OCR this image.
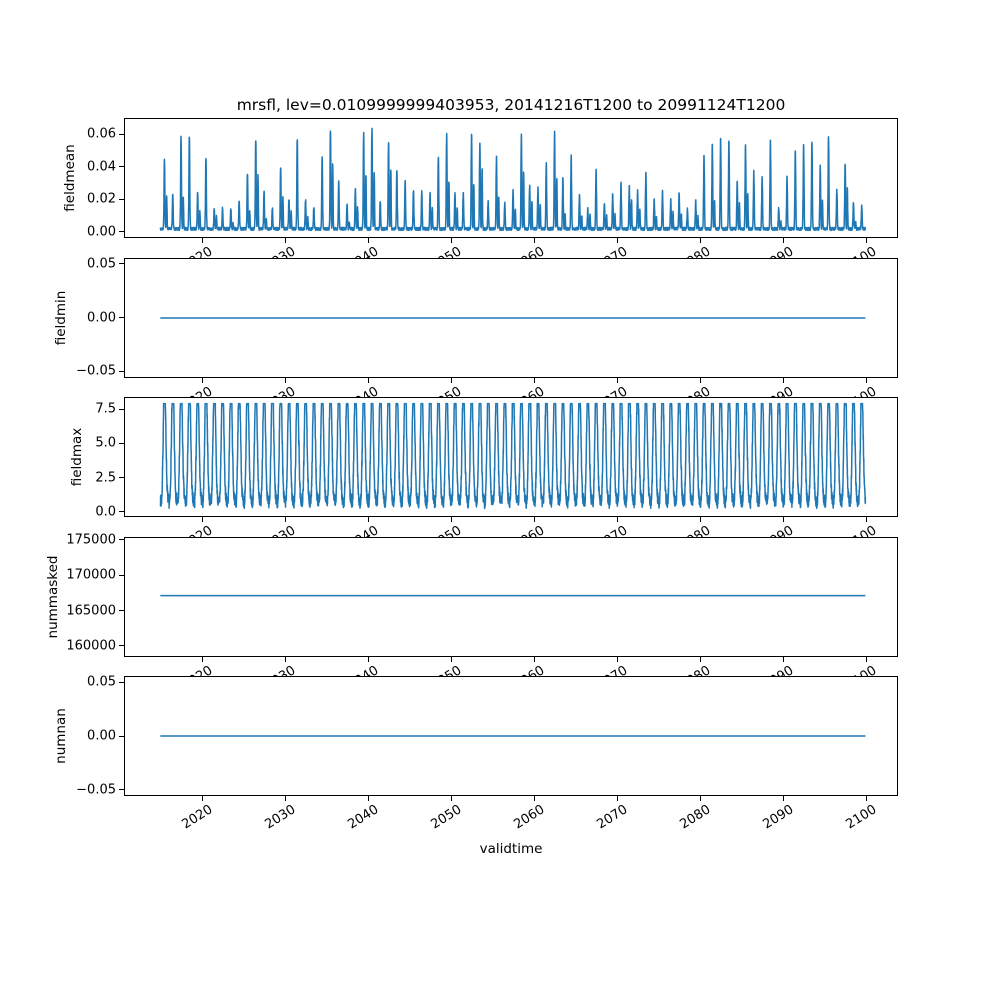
mrsfl, lev=0.0109999999403953, 20141216T1200 to 20991124T1200
0.00
0.02
0.04
0.06
fieldmean
−0.05
0.00
0.05
fieldmin
0.0
2.5
5.0
7.5
fieldmax
160000
165000
170000
175000
nummasked
−0.05
0.00
0.05
2020	2030	2040	2050	2060	2070	2080	2090	2100
numnan
validtime
